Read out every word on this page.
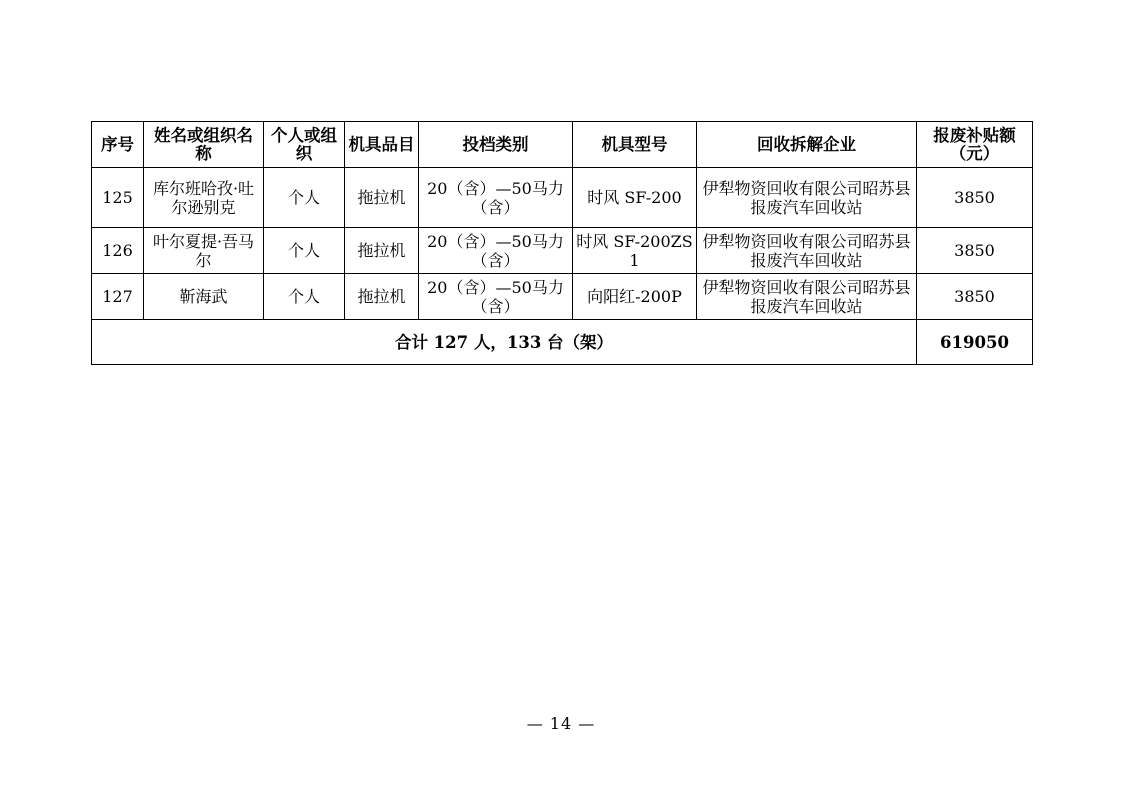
序号	姓名或组织名称	个人或组织	机具品目	投档类别	机具型号	回收拆解企业	报废补贴额（元）
125	库尔班哈孜·吐尔逊别克	个人	拖拉机	20（含）—50马力（含）	时风 SF-200	伊犁物资回收有限公司昭苏县报废汽车回收站	3850
126	叶尔夏提·吾马尔	个人	拖拉机	20（含）—50马力（含）	时风 SF-200ZS1	伊犁物资回收有限公司昭苏县报废汽车回收站	3850
127	靳海武	个人	拖拉机	20（含）—50马力（含）	向阳红-200P	伊犁物资回收有限公司昭苏县报废汽车回收站	3850
合计 127 人，133 台（架）							619050
— 14 —
